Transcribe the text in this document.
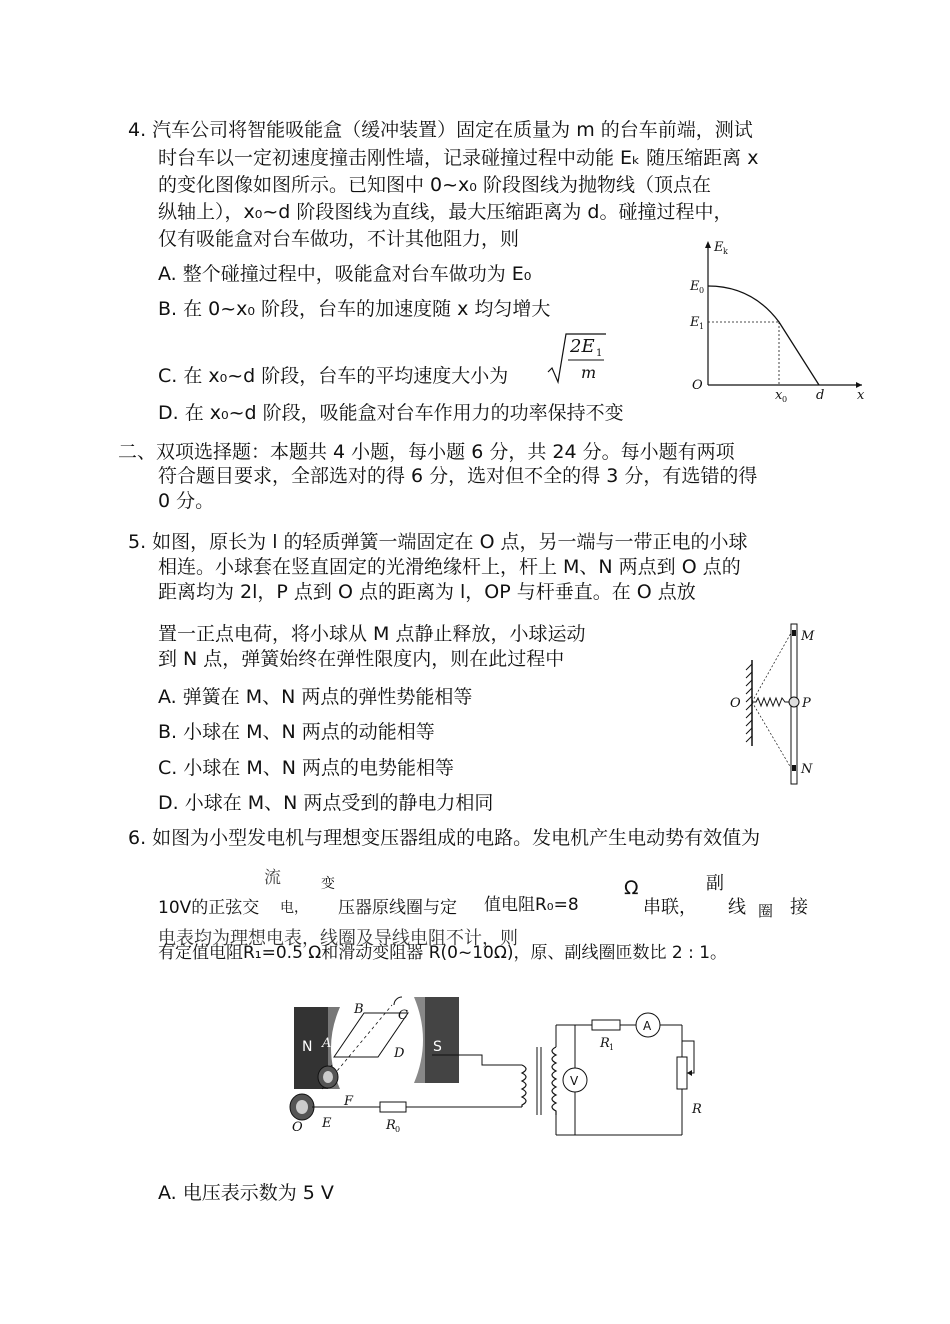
4. 汽车公司将智能吸能盒（缓冲装置）固定在质量为 m 的台车前端，测试
时台车以一定初速度撞击刚性墙，记录碰撞过程中动能 Eₖ 随压缩距离 x
的变化图像如图所示。已知图中 0~x₀ 阶段图线为抛物线（顶点在
纵轴上），x₀~d 阶段图线为直线，最大压缩距离为 d。碰撞过程中，
仅有吸能盒对台车做功，不计其他阻力，则
A. 整个碰撞过程中，吸能盒对台车做功为 E₀
B. 在 0~x₀ 阶段，台车的加速度随 x 均匀增大
C. 在 x₀~d 阶段，台车的平均速度大小为
2E 1
m
D. 在 x₀~d 阶段，吸能盒对台车作用力的功率保持不变
E k
E 0
E 1
O
x 0 d	x
二、双项选择题：本题共 4 小题，每小题 6 分，共 24 分。每小题有两项
符合题目要求，全部选对的得 6 分，选对但不全的得 3 分，有选错的得
0 分。
5. 如图，原长为 l 的轻质弹簧一端固定在 O 点，另一端与一带正电的小球
相连。小球套在竖直固定的光滑绝缘杆上，杆上 M、N 两点到 O 点的
距离均为 2l，P 点到 O 点的距离为 l，OP 与杆垂直。在 O 点放
置一正点电荷，将小球从 M 点静止释放，小球运动
到 N 点，弹簧始终在弹性限度内，则在此过程中
A. 弹簧在 M、N 两点的弹性势能相等
B. 小球在 M、N 两点的动能相等
C. 小球在 M、N 两点的电势能相等
D. 小球在 M、N 两点受到的静电力相同
M
P
N
O
6. 如图为小型发电机与理想变压器组成的电路。发电机产生电动势有效值为
10V的正弦交
流
电，
变
压器原线圈与定 值电阻R₀=8
Ω
串联，
副
线 圈 接
电表均为理想电表，线圈及导线电阻不计，则
有定值电阻R₁=0.5 Ω和滑动变阻器 R(0~10Ω)，原、副线圈匝数比 2 : 1。
N	S
A
B	C
D
F
E
O	R 0
V
R 1
A
R
A. 电压表示数为 5 V
